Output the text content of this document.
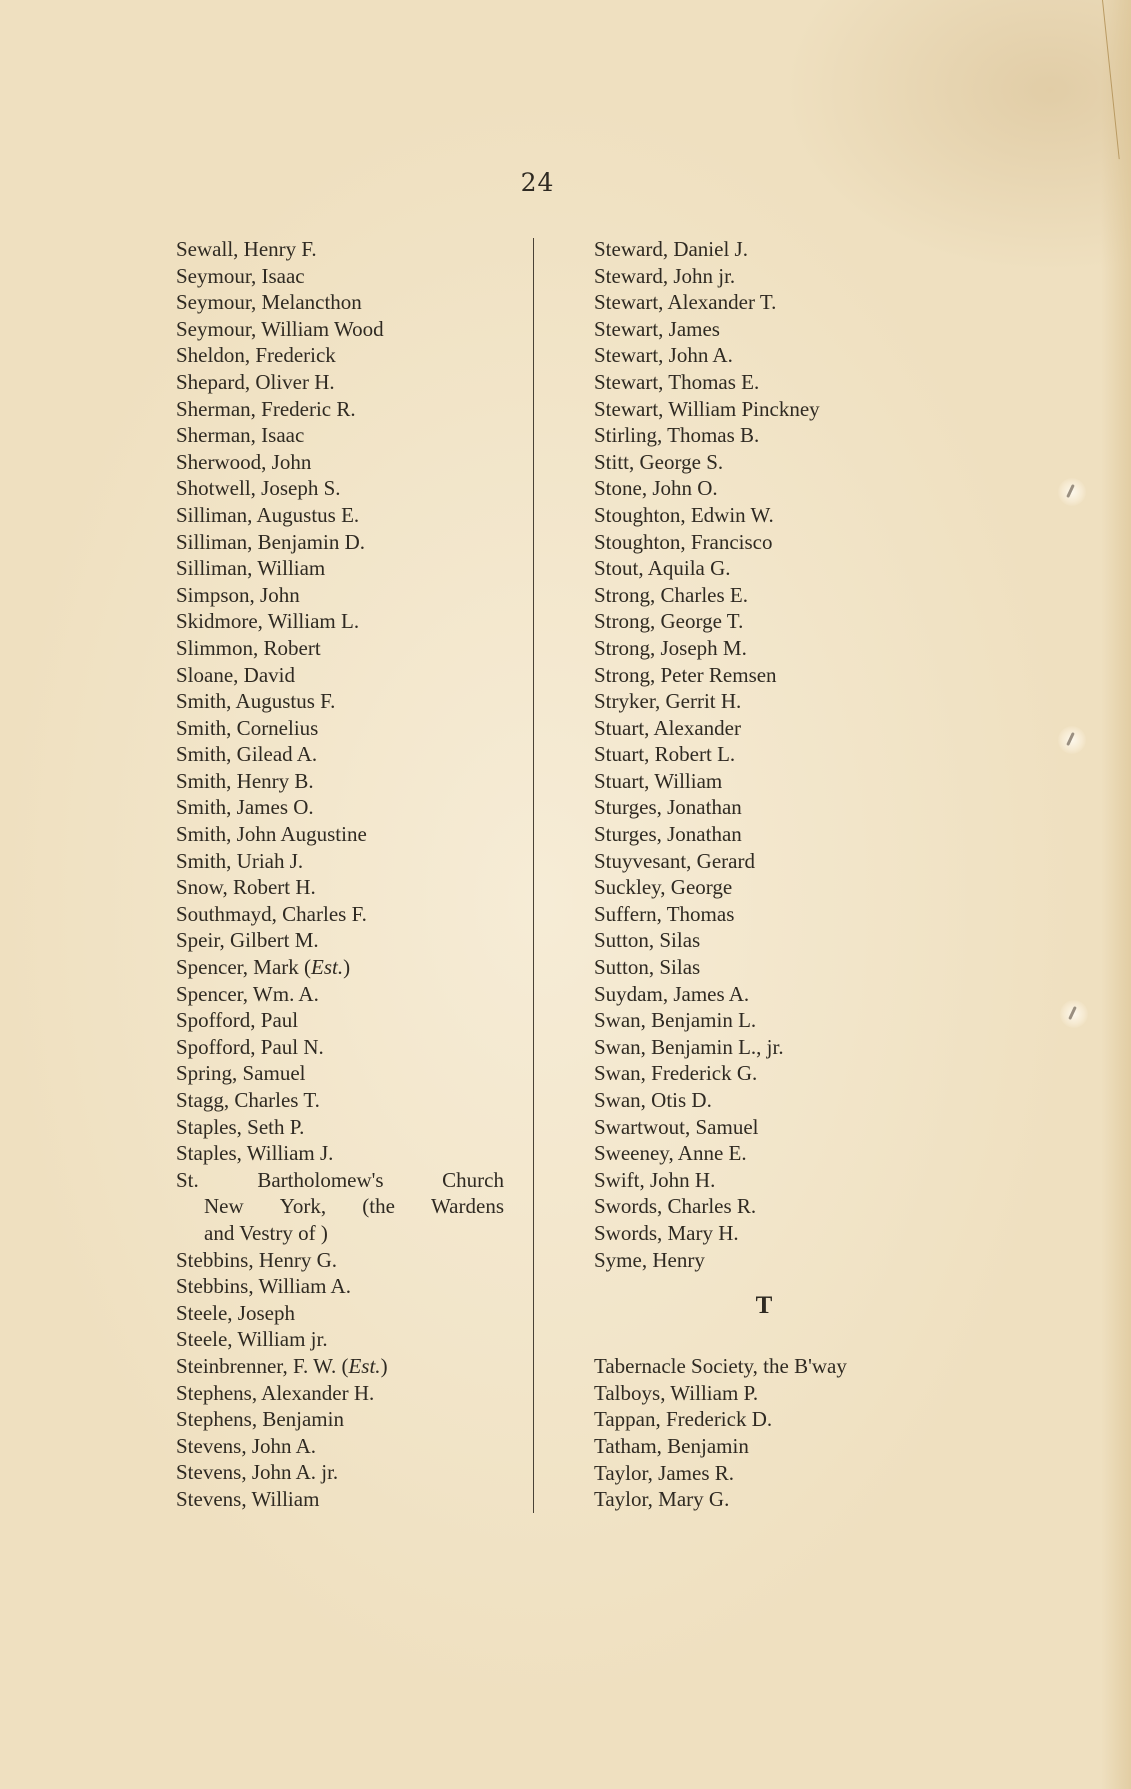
24
Sewall, Henry F.
Seymour, Isaac
Seymour, Melancthon
Seymour, William Wood
Sheldon, Frederick
Shepard, Oliver H.
Sherman, Frederic R.
Sherman, Isaac
Sherwood, John
Shotwell, Joseph S.
Silliman, Augustus E.
Silliman, Benjamin D.
Silliman, William
Simpson, John
Skidmore, William L.
Slimmon, Robert
Sloane, David
Smith, Augustus F.
Smith, Cornelius
Smith, Gilead A.
Smith, Henry B.
Smith, James O.
Smith, John Augustine
Smith, Uriah J.
Snow, Robert H.
Southmayd, Charles F.
Speir, Gilbert M.
Spencer, Mark (Est.)
Spencer, Wm. A.
Spofford, Paul
Spofford, Paul N.
Spring, Samuel
Stagg, Charles T.
Staples, Seth P.
Staples, William J.
St.	Bartholomew's	Church
New York, (the Wardens
and Vestry of )
Stebbins, Henry G.
Stebbins, William A.
Steele, Joseph
Steele, William jr.
Steinbrenner, F. W. (Est.)
Stephens, Alexander H.
Stephens, Benjamin
Stevens, John A.
Stevens, John A. jr.
Stevens, William
Steward, Daniel J.
Steward, John jr.
Stewart, Alexander T.
Stewart, James
Stewart, John A.
Stewart, Thomas E.
Stewart, William Pinckney
Stirling, Thomas B.
Stitt, George S.
Stone, John O.
Stoughton, Edwin W.
Stoughton, Francisco
Stout, Aquila G.
Strong, Charles E.
Strong, George T.
Strong, Joseph M.
Strong, Peter Remsen
Stryker, Gerrit H.
Stuart, Alexander
Stuart, Robert L.
Stuart, William
Sturges, Jonathan
Sturges, Jonathan
Stuyvesant, Gerard
Suckley, George
Suffern, Thomas
Sutton, Silas
Sutton, Silas
Suydam, James A.
Swan, Benjamin L.
Swan, Benjamin L., jr.
Swan, Frederick G.
Swan, Otis D.
Swartwout, Samuel
Sweeney, Anne E.
Swift, John H.
Swords, Charles R.
Swords, Mary H.
Syme, Henry
T
Tabernacle Society, the B'way
Talboys, William P.
Tappan, Frederick D.
Tatham, Benjamin
Taylor, James R.
Taylor, Mary G.
